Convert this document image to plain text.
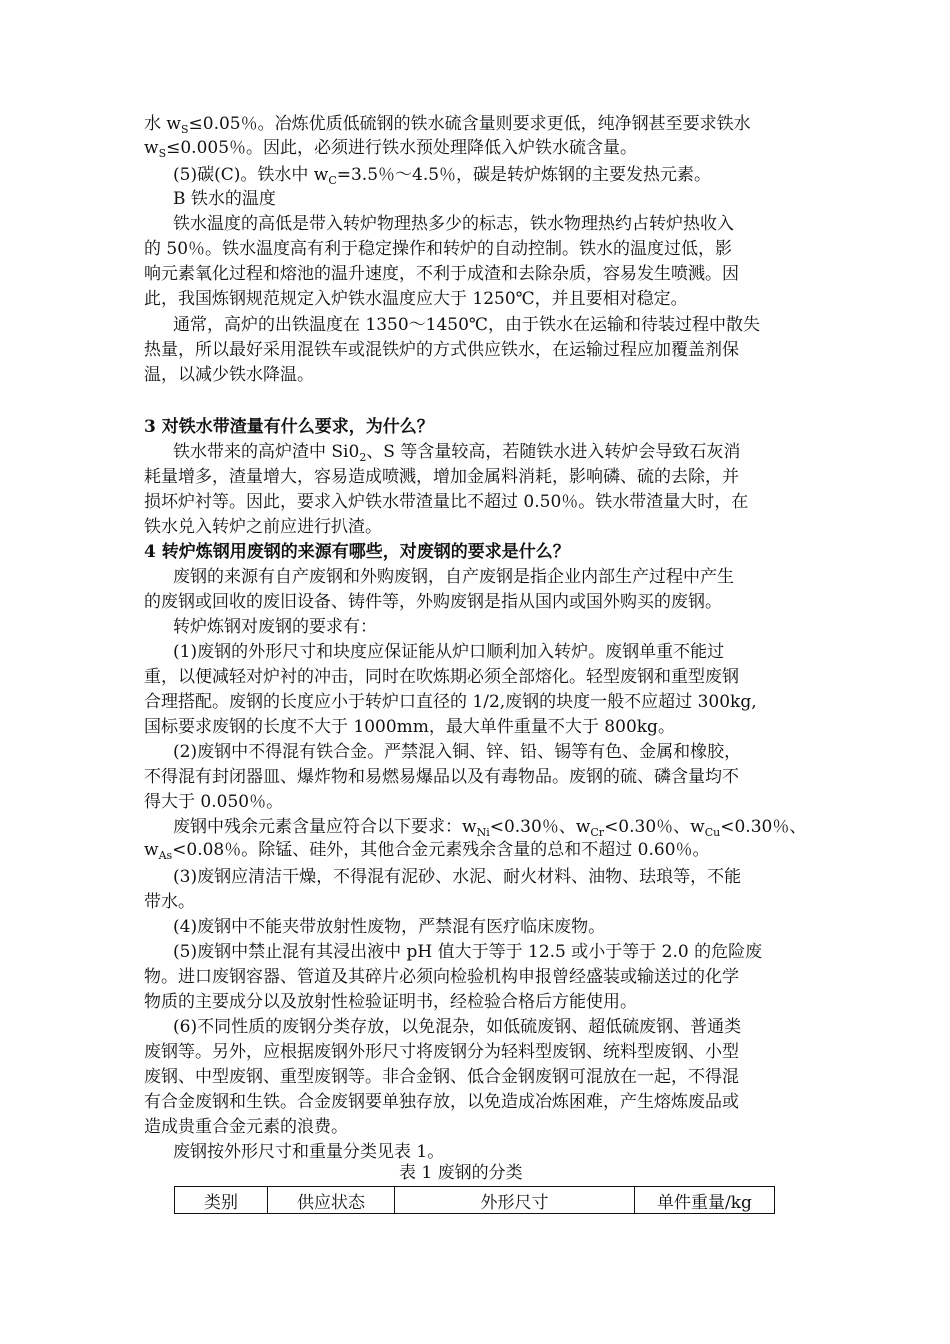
水 $w_S\le 0.05$％。冶炼优质低硫钢的铁水硫含量则要求更低，纯净钢甚至要求铁水
$w_S\le 0.005$％。因此，必须进行铁水预处理降低入炉铁水硫含量。
(5)碳(C)。铁水中 $w_C=3.5$％～4.5％，碳是转炉炼钢的主要发热元素。
B 铁水的温度
铁水温度的高低是带入转炉物理热多少的标志，铁水物理热约占转炉热收入
的 50％。铁水温度高有利于稳定操作和转炉的自动控制。铁水的温度过低，影
响元素氧化过程和熔池的温升速度，不利于成渣和去除杂质，容易发生喷溅。因
此，我国炼钢规范规定入炉铁水温度应大于 1250℃，并且要相对稳定。
通常，高炉的出铁温度在 1350～1450℃，由于铁水在运输和待装过程中散失
热量，所以最好采用混铁车或混铁炉的方式供应铁水，在运输过程应加覆盖剂保
温，以减少铁水降温。
3 对铁水带渣量有什么要求，为什么？
铁水带来的高炉渣中 $Si0_2$、S 等含量较高，若随铁水进入转炉会导致石灰消
耗量增多，渣量增大，容易造成喷溅，增加金属料消耗，影响磷、硫的去除，并
损坏炉衬等。因此，要求入炉铁水带渣量比不超过 0.50％。铁水带渣量大时，在
铁水兑入转炉之前应进行扒渣。
4 转炉炼钢用废钢的来源有哪些，对废钢的要求是什么？
废钢的来源有自产废钢和外购废钢，自产废钢是指企业内部生产过程中产生
的废钢或回收的废旧设备、铸件等，外购废钢是指从国内或国外购买的废钢。
转炉炼钢对废钢的要求有：
(1)废钢的外形尺寸和块度应保证能从炉口顺利加入转炉。废钢单重不能过
重，以便减轻对炉衬的冲击，同时在吹炼期必须全部熔化。轻型废钢和重型废钢
合理搭配。废钢的长度应小于转炉口直径的 1/2,废钢的块度一般不应超过 300kg,
国标要求废钢的长度不大于 1000mm，最大单件重量不大于 800kg。
(2)废钢中不得混有铁合金。严禁混入铜、锌、铅、锡等有色、金属和橡胶，
不得混有封闭器皿、爆炸物和易燃易爆品以及有毒物品。废钢的硫、磷含量均不
得大于 0.050％。
废钢中残余元素含量应符合以下要求：$w_{Ni}<0.30$％、$w_{Cr}<0.30$％、$w_{Cu}<0.30$％、
$w_{As}<0.08$％。除锰、硅外，其他合金元素残余含量的总和不超过 0.60％。
(3)废钢应清洁干燥，不得混有泥砂、水泥、耐火材料、油物、珐琅等，不能
带水。
(4)废钢中不能夹带放射性废物，严禁混有医疗临床废物。
(5)废钢中禁止混有其浸出液中 pH 值大于等于 12.5 或小于等于 2.0 的危险废
物。进口废钢容器、管道及其碎片必须向检验机构申报曾经盛装或输送过的化学
物质的主要成分以及放射性检验证明书，经检验合格后方能使用。
(6)不同性质的废钢分类存放，以免混杂，如低硫废钢、超低硫废钢、普通类
废钢等。另外，应根据废钢外形尺寸将废钢分为轻料型废钢、统料型废钢、小型
废钢、中型废钢、重型废钢等。非合金钢、低合金钢废钢可混放在一起，不得混
有合金废钢和生铁。合金废钢要单独存放，以免造成冶炼困难，产生熔炼废品或
造成贵重合金元素的浪费。
废钢按外形尺寸和重量分类见表 1。
表 1 废钢的分类
类别	供应状态	外形尺寸	单件重量/kg
